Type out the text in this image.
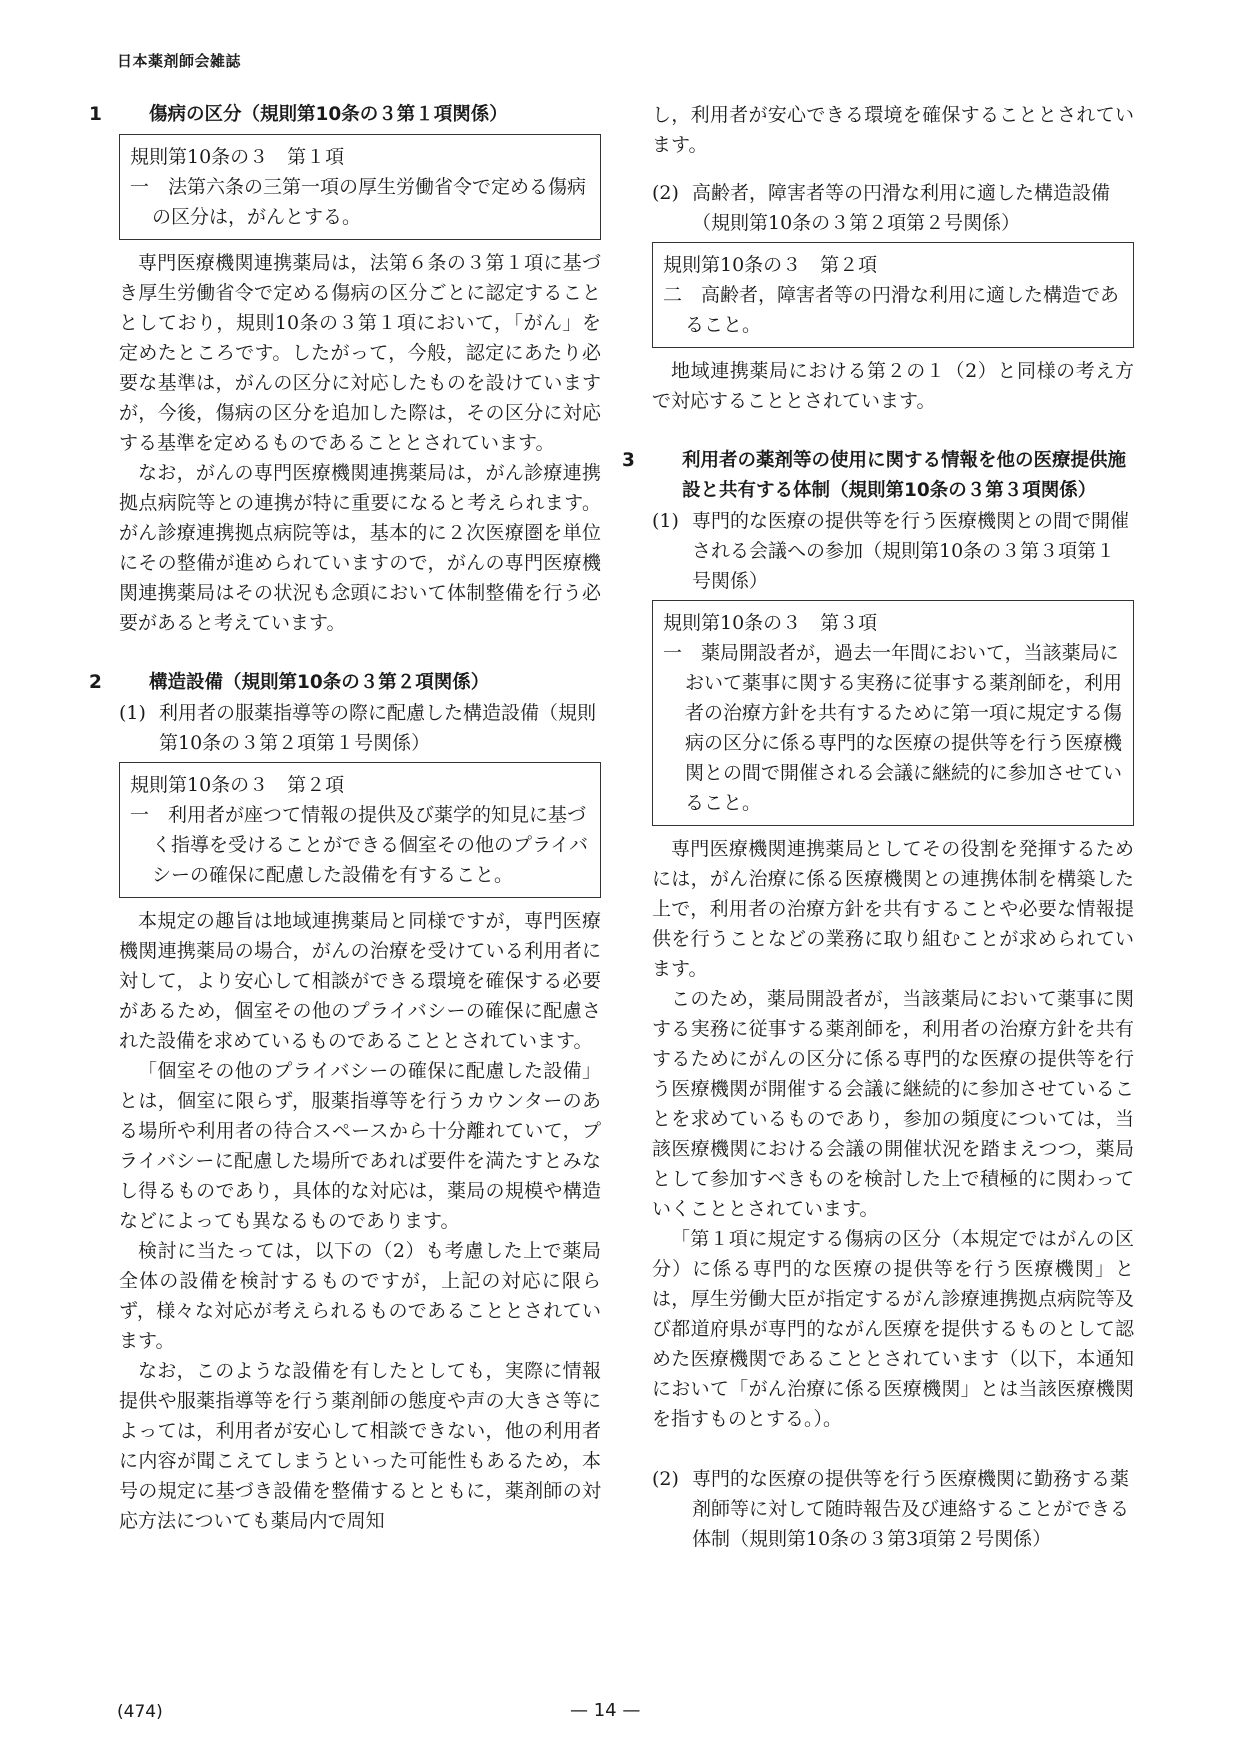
日本薬剤師会雑誌

1	傷病の区分（規則第10条の３第１項関係）

規則第10条の３　第１項

一　法第六条の三第一項の厚生労働省令で定める傷病の区分は，がんとする。

専門医療機関連携薬局は，法第６条の３第１項に基づき厚生労働省令で定める傷病の区分ごとに認定することとしており，規則10条の３第１項において，「がん」を定めたところです。したがって，今般，認定にあたり必要な基準は，がんの区分に対応したものを設けていますが，今後，傷病の区分を追加した際は，その区分に対応する基準を定めるものであることとされています。

なお，がんの専門医療機関連携薬局は，がん診療連携拠点病院等との連携が特に重要になると考えられます。がん診療連携拠点病院等は，基本的に２次医療圏を単位にその整備が進められていますので，がんの専門医療機関連携薬局はその状況も念頭において体制整備を行う必要があると考えています。

2	構造設備（規則第10条の３第２項関係）

(1) 利用者の服薬指導等の際に配慮した構造設備（規則第10条の３第２項第１号関係）

規則第10条の３　第２項

一　利用者が座つて情報の提供及び薬学的知見に基づく指導を受けることができる個室その他のプライバシーの確保に配慮した設備を有すること。

本規定の趣旨は地域連携薬局と同様ですが，専門医療機関連携薬局の場合，がんの治療を受けている利用者に対して，より安心して相談ができる環境を確保する必要があるため，個室その他のプライバシーの確保に配慮された設備を求めているものであることとされています。

「個室その他のプライバシーの確保に配慮した設備」とは，個室に限らず，服薬指導等を行うカウンターのある場所や利用者の待合スペースから十分離れていて，プライバシーに配慮した場所であれば要件を満たすとみなし得るものであり，具体的な対応は，薬局の規模や構造などによっても異なるものであります。

検討に当たっては，以下の（2）も考慮した上で薬局全体の設備を検討するものですが，上記の対応に限らず，様々な対応が考えられるものであることとされています。

なお，このような設備を有したとしても，実際に情報提供や服薬指導等を行う薬剤師の態度や声の大きさ等によっては，利用者が安心して相談できない，他の利用者に内容が聞こえてしまうといった可能性もあるため，本号の規定に基づき設備を整備するとともに，薬剤師の対応方法についても薬局内で周知

し，利用者が安心できる環境を確保することとされています。

(2) 高齢者，障害者等の円滑な利用に適した構造設備（規則第10条の３第２項第２号関係）

規則第10条の３　第２項

二　高齢者，障害者等の円滑な利用に適した構造であること。

地域連携薬局における第２の１（2）と同様の考え方で対応することとされています。

3	利用者の薬剤等の使用に関する情報を他の医療提供施設と共有する体制（規則第10条の３第３項関係）

(1) 専門的な医療の提供等を行う医療機関との間で開催される会議への参加（規則第10条の３第３項第１号関係）

規則第10条の３　第３項

一　薬局開設者が，過去一年間において，当該薬局において薬事に関する実務に従事する薬剤師を，利用者の治療方針を共有するために第一項に規定する傷病の区分に係る専門的な医療の提供等を行う医療機関との間で開催される会議に継続的に参加させていること。

専門医療機関連携薬局としてその役割を発揮するためには，がん治療に係る医療機関との連携体制を構築した上で，利用者の治療方針を共有することや必要な情報提供を行うことなどの業務に取り組むことが求められています。

このため，薬局開設者が，当該薬局において薬事に関する実務に従事する薬剤師を，利用者の治療方針を共有するためにがんの区分に係る専門的な医療の提供等を行う医療機関が開催する会議に継続的に参加させていることを求めているものであり，参加の頻度については，当該医療機関における会議の開催状況を踏まえつつ，薬局として参加すべきものを検討した上で積極的に関わっていくこととされています。

「第１項に規定する傷病の区分（本規定ではがんの区分）に係る専門的な医療の提供等を行う医療機関」とは，厚生労働大臣が指定するがん診療連携拠点病院等及び都道府県が専門的ながん医療を提供するものとして認めた医療機関であることとされています（以下，本通知において「がん治療に係る医療機関」とは当該医療機関を指すものとする。）。

(2) 専門的な医療の提供等を行う医療機関に勤務する薬剤師等に対して随時報告及び連絡することができる体制（規則第10条の３第3項第２号関係）

(474)	— 14 —
